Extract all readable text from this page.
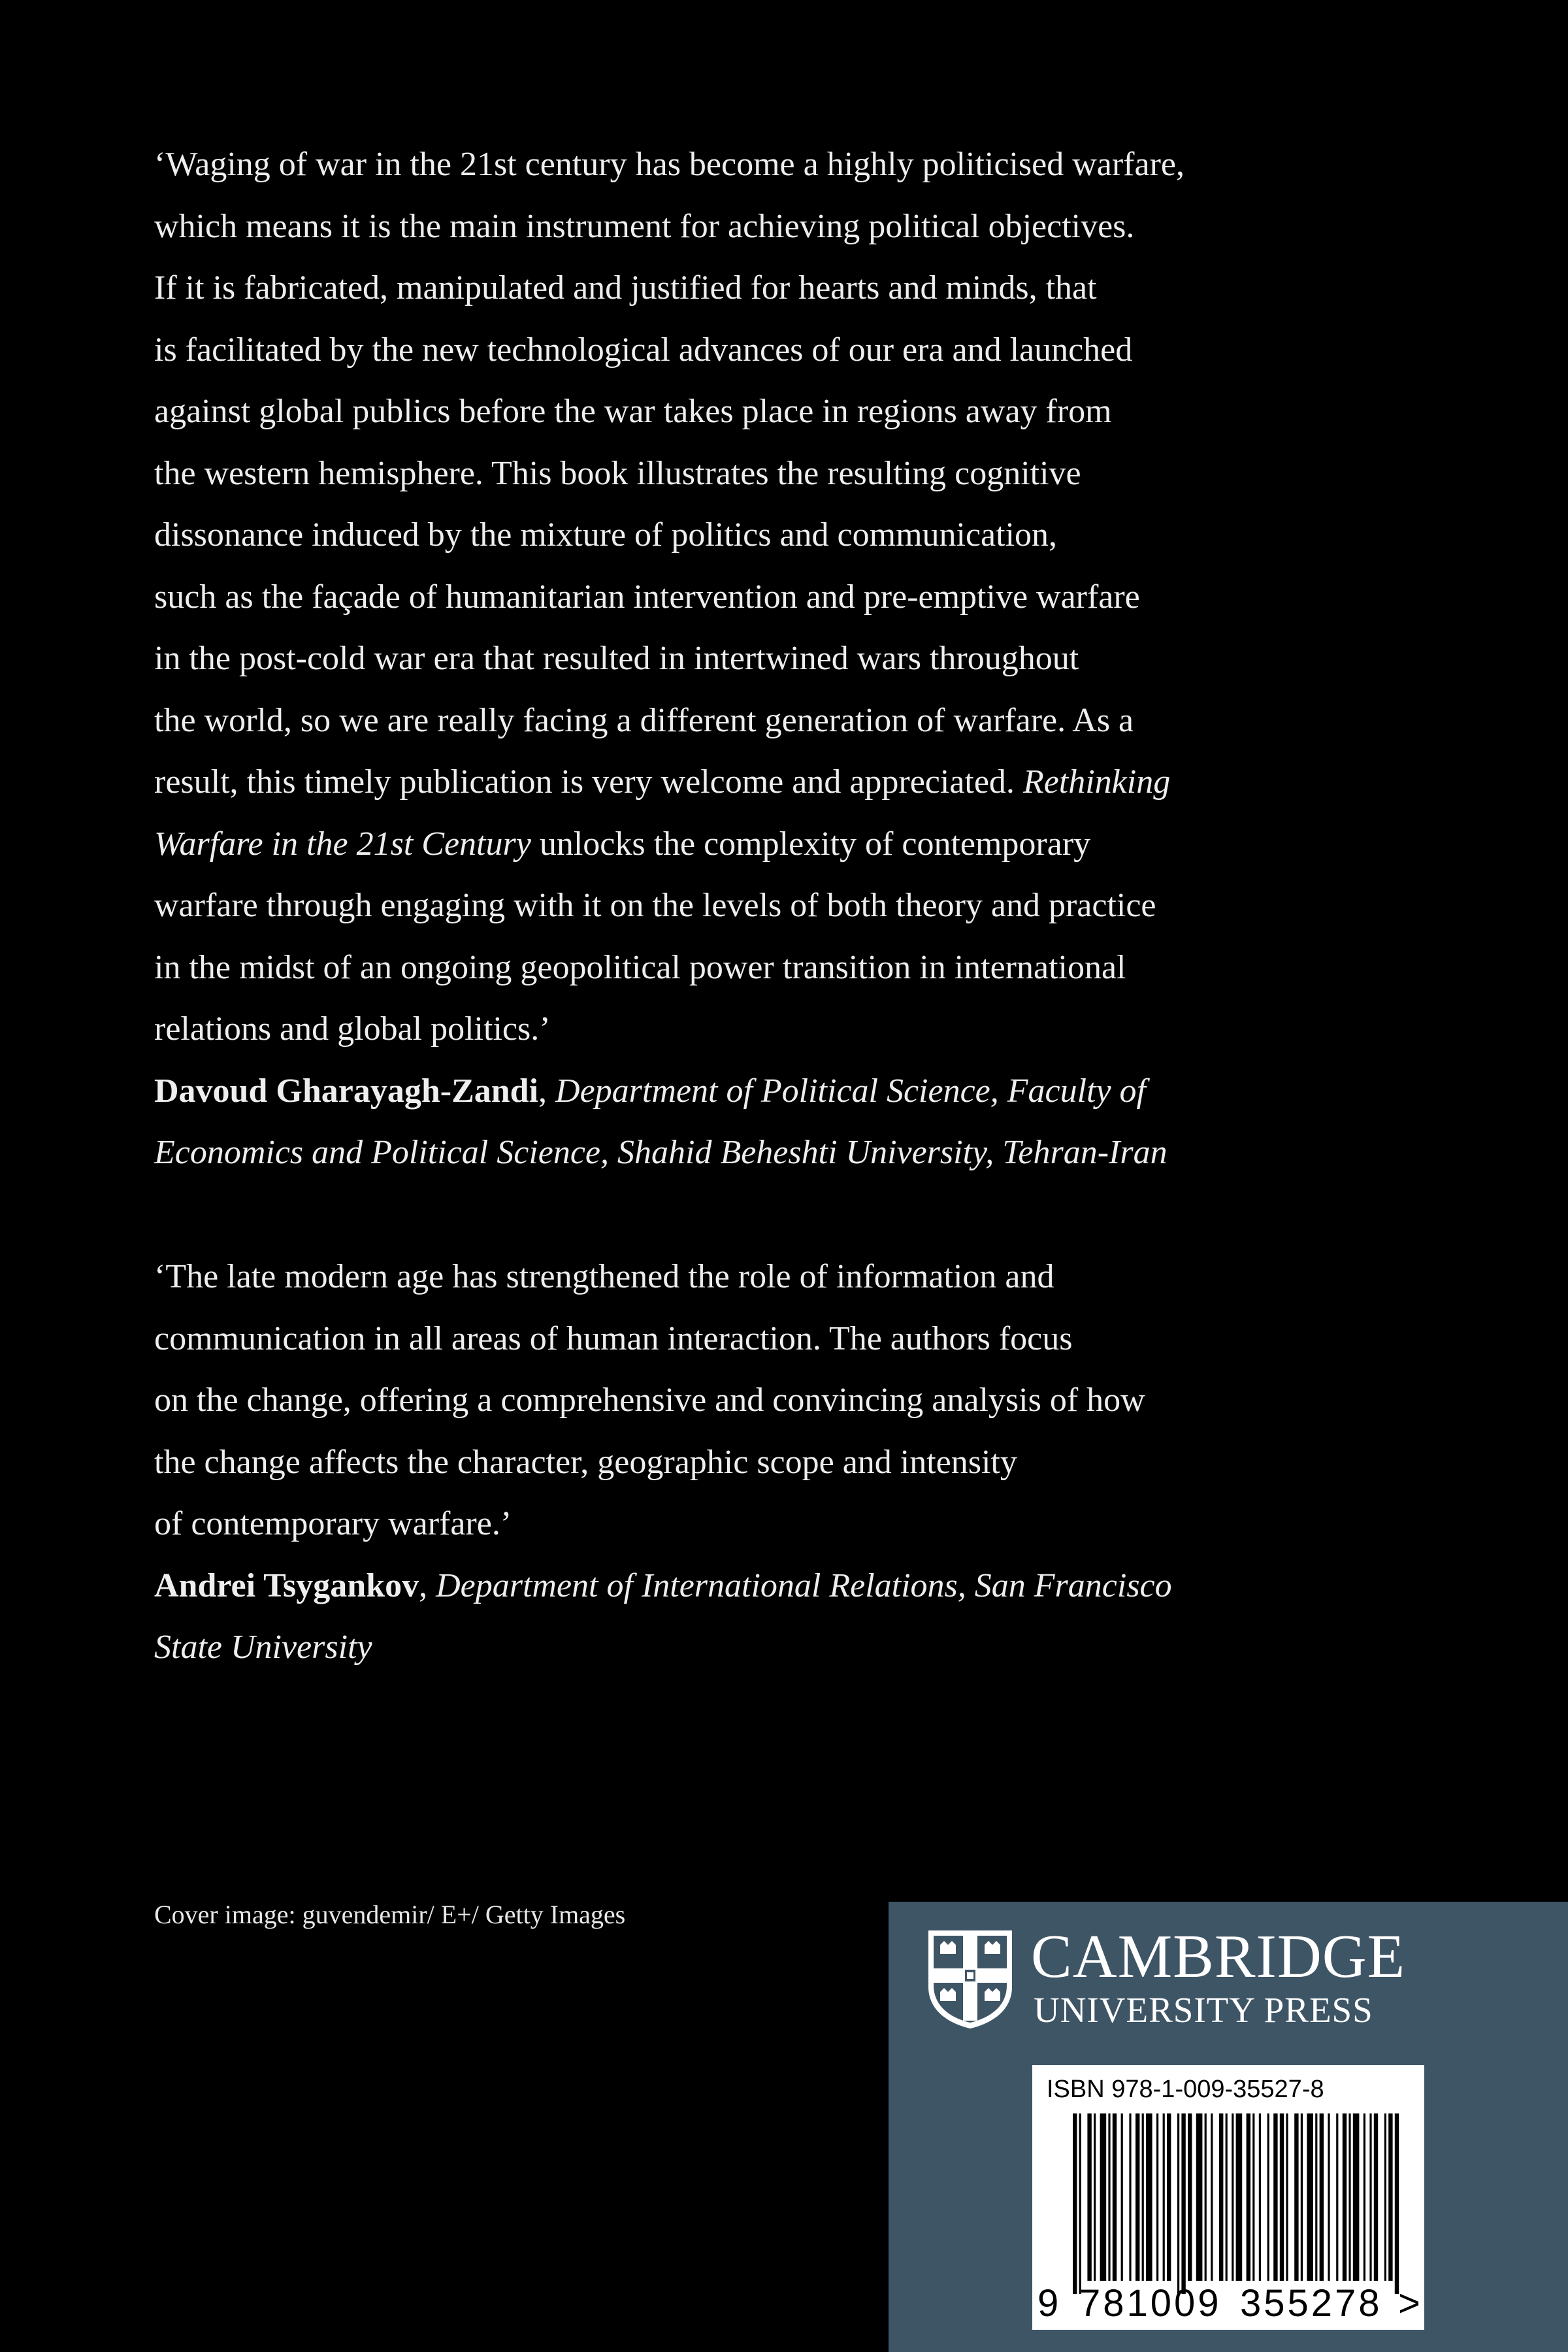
‘Waging of war in the 21st century has become a highly politicised warfare,

which means it is the main instrument for achieving political objectives.

If it is fabricated, manipulated and justified for hearts and minds, that

is facilitated by the new technological advances of our era and launched

against global publics before the war takes place in regions away from

the western hemisphere. This book illustrates the resulting cognitive

dissonance induced by the mixture of politics and communication,

such as the façade of humanitarian intervention and pre-emptive warfare

in the post-cold war era that resulted in intertwined wars throughout

the world, so we are really facing a different generation of warfare. As a

result, this timely publication is very welcome and appreciated. Rethinking

Warfare in the 21st Century unlocks the complexity of contemporary

warfare through engaging with it on the levels of both theory and practice

in the midst of an ongoing geopolitical power transition in international

relations and global politics.’

Davoud Gharayagh-Zandi, Department of Political Science, Faculty of

Economics and Political Science, Shahid Beheshti University, Tehran-Iran

‘The late modern age has strengthened the role of information and

communication in all areas of human interaction. The authors focus

on the change, offering a comprehensive and convincing analysis of how

the change affects the character, geographic scope and intensity

of contemporary warfare.’

Andrei Tsygankov, Department of International Relations, San Francisco

State University

Cover image: guvendemir/ E+/ Getty Images
CAMBRIDGE
UNIVERSITY PRESS
ISBN 978-1-009-35527-8
9 781009 355278 >
